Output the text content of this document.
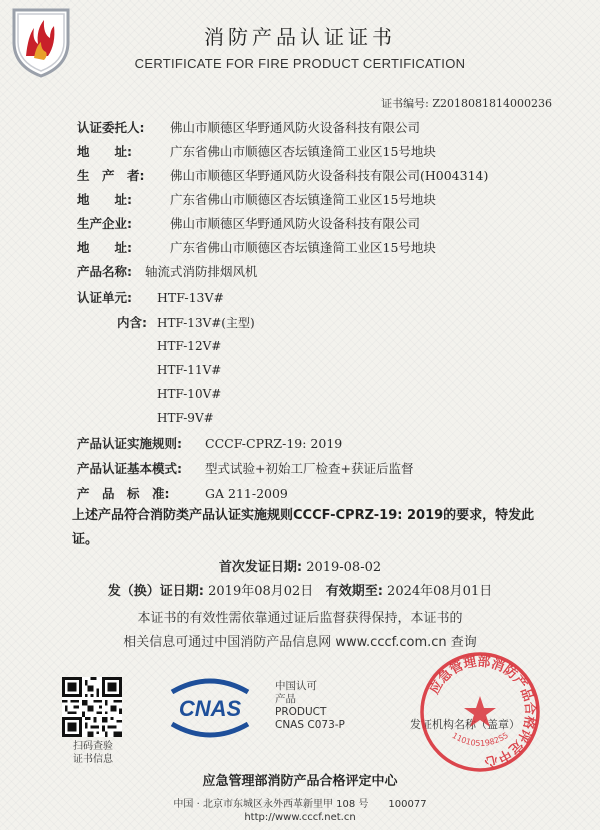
消防产品认证证书
CERTIFICATE FOR FIRE PRODUCT CERTIFICATION
证书编号: Z2018081814000236
认证委托人: 佛山市顺德区华野通风防火设备科技有限公司
地　　址:	广东省佛山市顺德区杏坛镇逢简工业区15号地块
生　产　者: 佛山市顺德区华野通风防火设备科技有限公司(H004314)
地　　址:	广东省佛山市顺德区杏坛镇逢简工业区15号地块
生产企业:	佛山市顺德区华野通风防火设备科技有限公司
地　　址:	广东省佛山市顺德区杏坛镇逢简工业区15号地块
产品名称: 轴流式消防排烟风机
认证单元: HTF-13V#
内含: HTF-13V#(主型)
HTF-12V#
HTF-11V#
HTF-10V#
HTF-9V#
产品认证实施规则: CCCF-CPRZ-19: 2019
产品认证基本模式: 型式试验+初始工厂检查+获证后监督
产　品　标　准:	GA 211-2009
上述产品符合消防类产品认证实施规则CCCF-CPRZ-19: 2019的要求，特发此证。
首次发证日期: 2019-08-02
发（换）证日期: 2019年08月02日 有效期至: 2024年08月01日
本证书的有效性需依靠通过证后监督获得保持，本证书的
相关信息可通过中国消防产品信息网 www.cccf.com.cn 查询
扫码查验
证书信息
CNAS
中国认可
产品
PRODUCT
CNAS C073-P	发证机构名称（盖章）
应急管理部消防产品合格评定中心
1101051982S5
应急管理部消防产品合格评定中心
中国 · 北京市东城区永外西革新里甲 108 号　　100077
http://www.cccf.net.cn
